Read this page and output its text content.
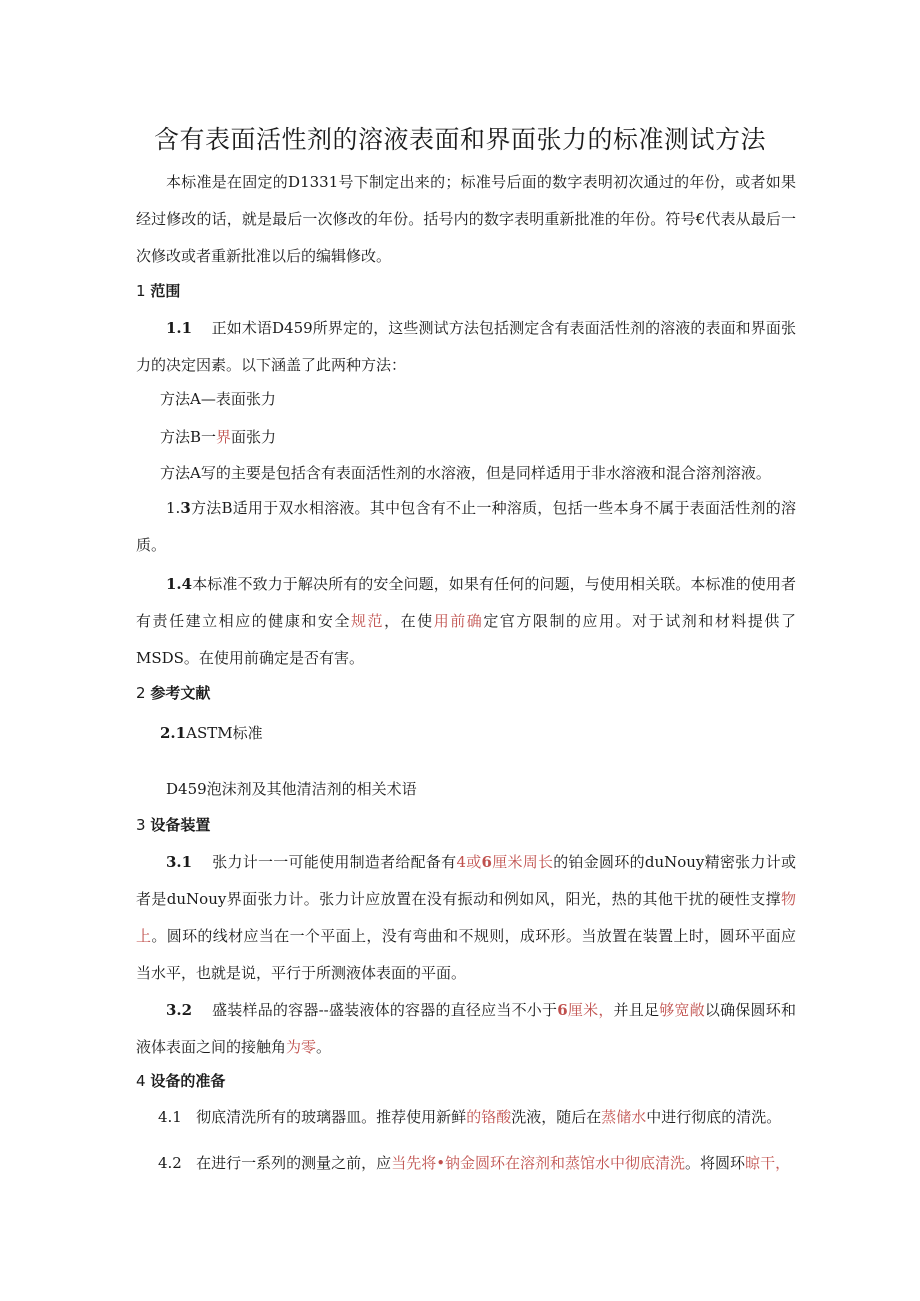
含有表面活性剂的溶液表面和界面张力的标准测试方法
本标准是在固定的D1331号下制定出来的；标准号后面的数字表明初次通过的年份，或者如果经过修改的话，就是最后一次修改的年份。括号内的数字表明重新批准的年份。符号€代表从最后一次修改或者重新批准以后的编辑修改。
1 范围
1.1 正如术语D459所界定的，这些测试方法包括测定含有表面活性剂的溶液的表面和界面张力的决定因素。以下涵盖了此两种方法：
方法A—表面张力
方法B一界面张力
方法A写的主要是包括含有表面活性剂的水溶液，但是同样适用于非水溶液和混合溶剂溶液。
1.3方法B适用于双水相溶液。其中包含有不止一种溶质，包括一些本身不属于表面活性剂的溶质。
1.4本标准不致力于解决所有的安全问题，如果有任何的问题，与使用相关联。本标准的使用者有责任建立相应的健康和安全规范，在使用前确定官方限制的应用。对于试剂和材料提供了MSDS。在使用前确定是否有害。
2 参考文献
2.1ASTM标准
D459泡沫剂及其他清洁剂的相关术语
3 设备装置
3.1 张力计一一可能使用制造者给配备有4或6厘米周长的铂金圆环的duNouy精密张力计或者是duNouy界面张力计。张力计应放置在没有振动和例如风，阳光，热的其他干扰的硬性支撑物上。圆环的线材应当在一个平面上，没有弯曲和不规则，成环形。当放置在装置上时，圆环平面应当水平，也就是说，平行于所测液体表面的平面。
3.2 盛装样品的容器--盛装液体的容器的直径应当不小于6厘米，并且足够宽敞以确保圆环和液体表面之间的接触角为零。
4 设备的准备
4.1 彻底清洗所有的玻璃器皿。推荐使用新鲜的铬酸洗液，随后在蒸储水中进行彻底的清洗。
4.2 在进行一系列的测量之前，应当先将•钠金圆环在溶剂和蒸馆水中彻底清洗。将圆环晾干，
